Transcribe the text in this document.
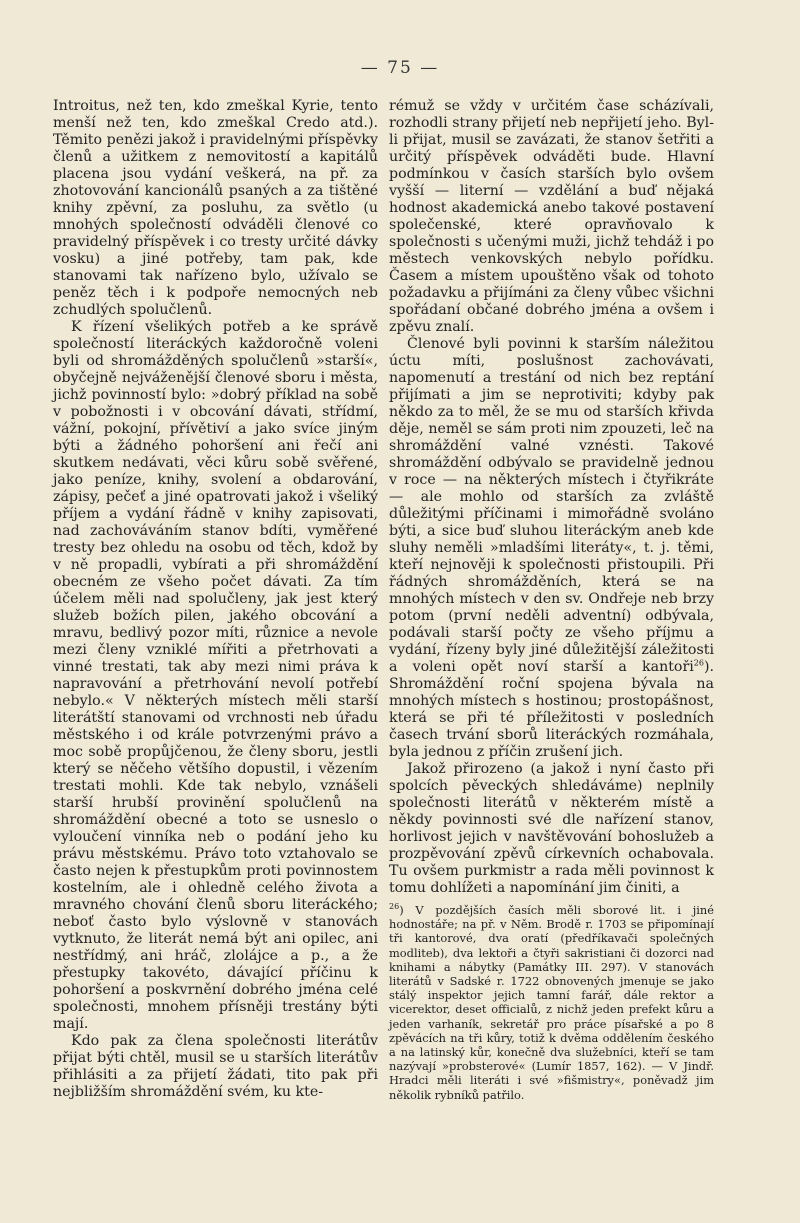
— 75 —

Introitus, než ten, kdo zmeškal Kyrie, tento menší než ten, kdo zmeškal Credo atd.). Těmito penězi jakož i pravidelnými příspěvky členů a užitkem z nemovitostí a kapitálů placena jsou vydání veškerá, na př. za zhotovování kancionálů psaných a za tištěné knihy zpěvní, za posluhu, za světlo (u mnohých společností odváděli členové co pravidelný příspěvek i co tresty určité dávky vosku) a jiné potřeby, tam pak, kde stanovami tak nařízeno bylo, užívalo se peněz těch i k podpoře nemocných neb zchudlých spolučlenů.

K řízení všelikých potřeb a ke správě společností literáckých každoročně voleni byli od shromážděných spolučlenů »starší«, obyčejně nejváženější členové sboru i města, jichž povinností bylo: »dobrý příklad na sobě v pobožnosti i v obcování dávati, střídmí, vážní, pokojní, přívětiví a jako svíce jiným býti a žádného pohoršení ani řečí ani skutkem nedávati, věci kůru sobě svěřené, jako peníze, knihy, svolení a obdarování, zápisy, pečeť a jiné opatrovati jakož i všeliký příjem a vydání řádně v knihy zapisovati, nad zachováváním stanov bdíti, vyměřené tresty bez ohledu na osobu od těch, kdož by v ně propadli, vybírati a při shromáždění obecném ze všeho počet dávati. Za tím účelem měli nad spolučleny, jak jest který služeb božích pilen, jakého obcování a mravu, bedlivý pozor míti, různice a nevole mezi členy vzniklé mířiti a přetrhovati a vinné trestati, tak aby mezi nimi práva k napravování a přetrhování nevolí potřebí nebylo.« V některých místech měli starší literátští stanovami od vrchnosti neb úřadu městského i od krále potvrzenými právo a moc sobě propůjčenou, že členy sboru, jestli který se něčeho většího dopustil, i vězením trestati mohli. Kde tak nebylo, vznášeli starší hrubší provinění spolučlenů na shromáždění obecné a toto se usneslo o vyloučení vinníka neb o podání jeho ku právu městskému. Právo toto vztahovalo se často nejen k přestupkům proti povinnostem kostelním, ale i ohledně celého života a mravného chování členů sboru literáckého; neboť často bylo výslovně v stanovách vytknuto, že literát nemá být ani opilec, ani nestřídmý, ani hráč, zlolájce a p., a že přestupky takovéto, dávající příčinu k pohoršení a poskvrnění dobrého jména celé společnosti, mnohem přísněji trestány býti mají.

Kdo pak za člena společnosti literátův přijat býti chtěl, musil se u starších literátův přihlásiti a za přijetí žádati, tito pak při nejbližším shromáždění svém, ku kte-

rémuž se vždy v určitém čase scházívali, rozhodli strany přijetí neb nepřijetí jeho. Byl-li přijat, musil se zavázati, že stanov šetřiti a určitý příspěvek odváděti bude. Hlavní podmínkou v časích starších bylo ovšem vyšší — literní — vzdělání a buď nějaká hodnost akademická anebo takové postavení společenské, které opravňovalo k společnosti s učenými muži, jichž tehdáž i po městech venkovských nebylo pořídku. Časem a místem upouštěno však od tohoto požadavku a přijímáni za členy vůbec všichni spořádaní občané dobrého jména a ovšem i zpěvu znalí.

Členové byli povinni k starším náležitou úctu míti, poslušnost zachovávati, napomenutí a trestání od nich bez reptání přijímati a jim se neprotiviti; kdyby pak někdo za to měl, že se mu od starších křivda děje, neměl se sám proti nim zpouzeti, leč na shromáždění valné vznésti. Takové shromáždění odbývalo se pravidelně jednou v roce — na některých místech i čtyřikráte — ale mohlo od starších za zvláště důležitými příčinami i mimořádně svoláno býti, a sice buď sluhou literáckým aneb kde sluhy neměli »mladšími literáty«, t. j. těmi, kteří nejnověji k společnosti přistoupili. Při řádných shromážděních, která se na mnohých místech v den sv. Ondřeje neb brzy potom (první neděli adventní) odbývala, podávali starší počty ze všeho příjmu a vydání, řízeny byly jiné důležitější záležitosti a voleni opět noví starší a kantoři$^{26}$). Shromáždění roční spojena bývala na mnohých místech s hostinou; prostopášnost, která se při té příležitosti v posledních časech trvání sborů literáckých rozmáhala, byla jednou z příčin zrušení jich.

Jakož přirozeno (a jakož i nyní často při spolcích pěveckých shledáváme) neplnily společnosti literátů v některém místě a někdy povinnosti své dle nařízení stanov, horlivost jejich v navštěvování bohoslužeb a prozpěvování zpěvů církevních ochabovala. Tu ovšem purkmistr a rada měli povinnost k tomu dohlížeti a napomínání jim činiti, a

$^{26}$) V pozdějších časích měli sborové lit. i jiné hodnostáře; na př. v Něm. Brodě r. 1703 se připomínají tři kantorové, dva oratí (předříkavači společných modliteb), dva lektoři a čtyři sakristiani či dozorci nad knihami a nábytky (Památky III. 297). V stanovách literátů v Sadské r. 1722 obnovených jmenuje se jako stálý inspektor jejich tamní farář, dále rektor a vicerektor, deset officialů, z nichž jeden prefekt kůru a jeden varhaník, sekretář pro práce písařské a po 8 zpěvácích na tři kůry, totiž k dvěma oddělením českého a na latinský kůr, konečně dva služebníci, kteří se tam nazývají »probsterové« (Lumír 1857, 162). — V Jindř. Hradci měli literáti i své »fišmistry«, poněvadž jim několik rybníků patřilo.
